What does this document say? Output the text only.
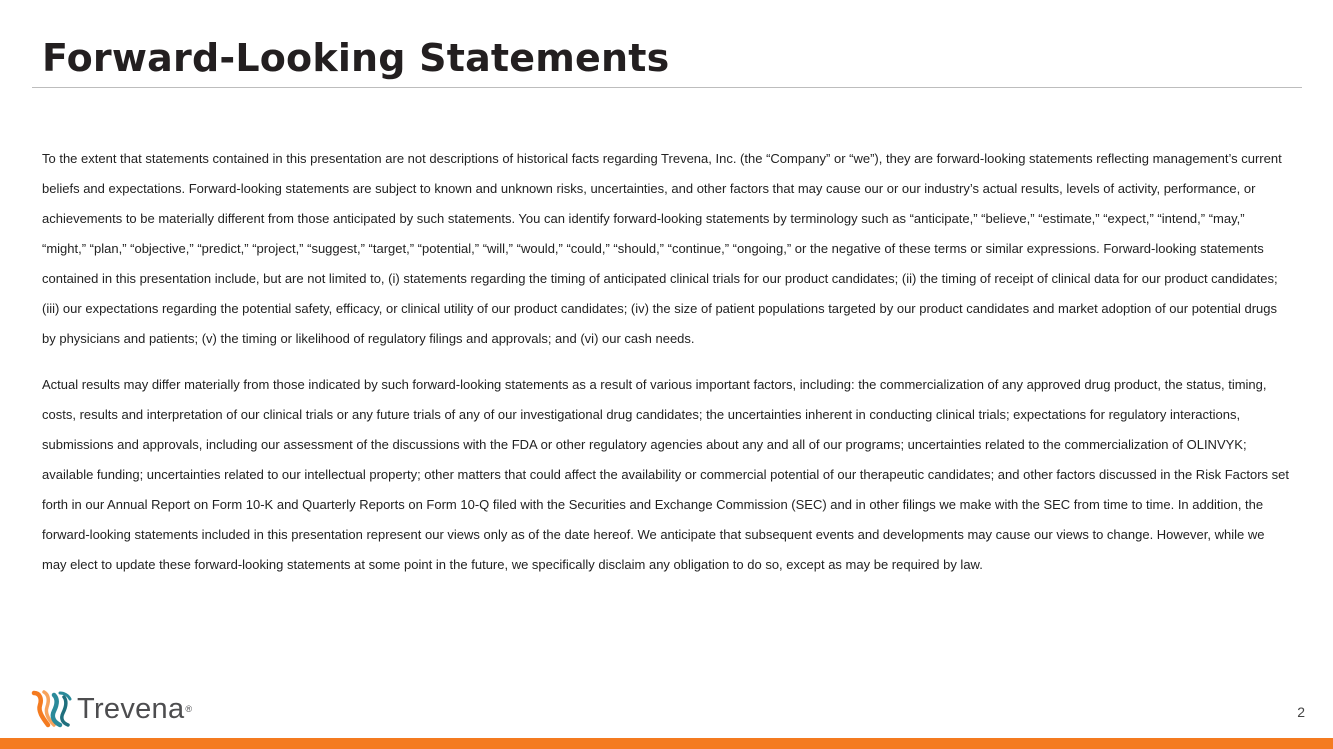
Forward-Looking Statements

To the extent that statements contained in this presentation are not descriptions of historical facts regarding Trevena, Inc. (the “Company” or “we”), they are forward-looking statements reflecting management’s current beliefs and expectations. Forward-looking statements are subject to known and unknown risks, uncertainties, and other factors that may cause our or our industry’s actual results, levels of activity, performance, or achievements to be materially different from those anticipated by such statements. You can identify forward-looking statements by terminology such as “anticipate,” “believe,” “estimate,” “expect,” “intend,” “may,” “might,” “plan,” “objective,” “predict,” “project,” “suggest,” “target,” “potential,” “will,” “would,” “could,” “should,” “continue,” “ongoing,” or the negative of these terms or similar expressions. Forward-looking statements contained in this presentation include, but are not limited to, (i) statements regarding the timing of anticipated clinical trials for our product candidates; (ii) the timing of receipt of clinical data for our product candidates; (iii) our expectations regarding the potential safety, efficacy, or clinical utility of our product candidates; (iv) the size of patient populations targeted by our product candidates and market adoption of our potential drugs by physicians and patients; (v) the timing or likelihood of regulatory filings and approvals; and (vi) our cash needs.

Actual results may differ materially from those indicated by such forward-looking statements as a result of various important factors, including: the commercialization of any approved drug product, the status, timing, costs, results and interpretation of our clinical trials or any future trials of any of our investigational drug candidates; the uncertainties inherent in conducting clinical trials; expectations for regulatory interactions, submissions and approvals, including our assessment of the discussions with the FDA or other regulatory agencies about any and all of our programs; uncertainties related to the commercialization of OLINVYK; available funding; uncertainties related to our intellectual property; other matters that could affect the availability or commercial potential of our therapeutic candidates; and other factors discussed in the Risk Factors set forth in our Annual Report on Form 10-K and Quarterly Reports on Form 10-Q filed with the Securities and Exchange Commission (SEC) and in other filings we make with the SEC from time to time. In addition, the forward-looking statements included in this presentation represent our views only as of the date hereof. We anticipate that subsequent events and developments may cause our views to change. However, while we may elect to update these forward-looking statements at some point in the future, we specifically disclaim any obligation to do so, except as may be required by law.

Trevena ®	2
